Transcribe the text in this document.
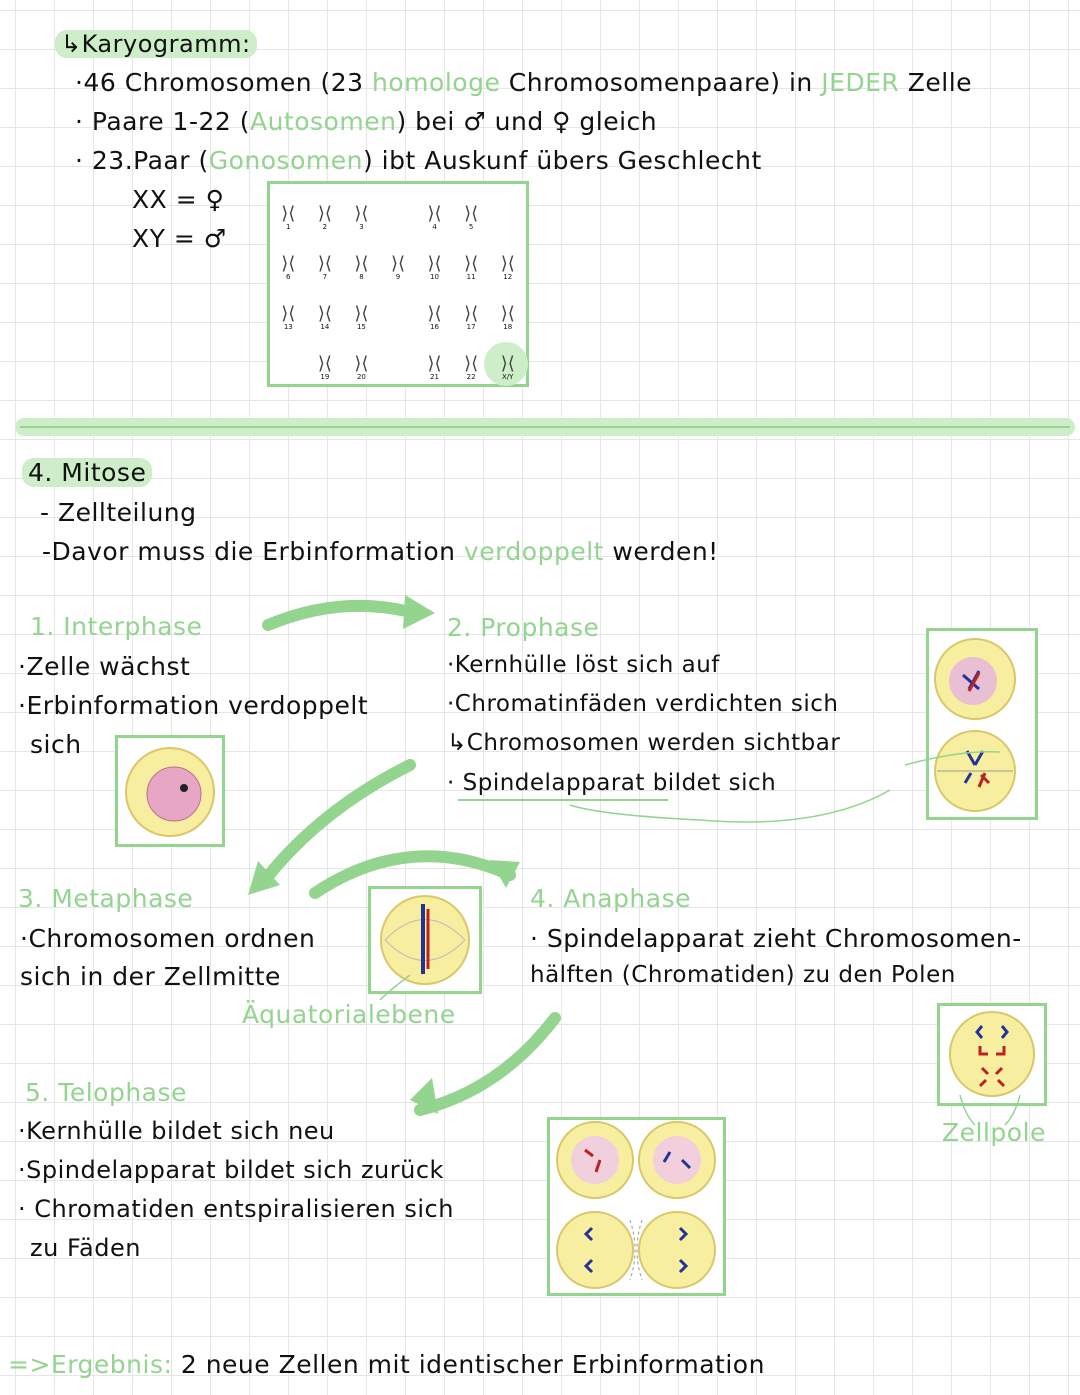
↳Karyogramm:
·46 Chromosomen (23 homologe Chromosomenpaare) in JEDER Zelle
· Paare 1-22 (Autosomen) bei ♂ und ♀ gleich
· 23.Paar (Gonosomen) ibt Auskunf übers Geschlecht
XX = ♀
XY = ♂
⟩⟨
1
⟩⟨
2
⟩⟨
3
⟩⟨
4
⟩⟨
5
⟩⟨
6
⟩⟨
7
⟩⟨
8
⟩⟨
9
⟩⟨
10
⟩⟨
11
⟩⟨
12
⟩⟨
13
⟩⟨
14
⟩⟨
15
⟩⟨
16
⟩⟨
17
⟩⟨
18
⟩⟨
19
⟩⟨
20
⟩⟨
21
⟩⟨
22
⟩⟨
X/Y
4. Mitose
- Zellteilung
-Davor muss die Erbinformation verdoppelt werden!
1. Interphase
·Zelle wächst
·Erbinformation verdoppelt
sich
2. Prophase
·Kernhülle löst sich auf
·Chromatinfäden verdichten sich
↳Chromosomen werden sichtbar
· Spindelapparat bildet sich
3. Metaphase
·Chromosomen ordnen
sich in der Zellmitte
Äquatorialebene
4. Anaphase
· Spindelapparat zieht Chromosomen-
hälften (Chromatiden) zu den Polen
Zellpole
5. Telophase
·Kernhülle bildet sich neu
·Spindelapparat bildet sich zurück
· Chromatiden entspiralisieren sich
zu Fäden
=>Ergebnis: 2 neue Zellen mit identischer Erbinformation
